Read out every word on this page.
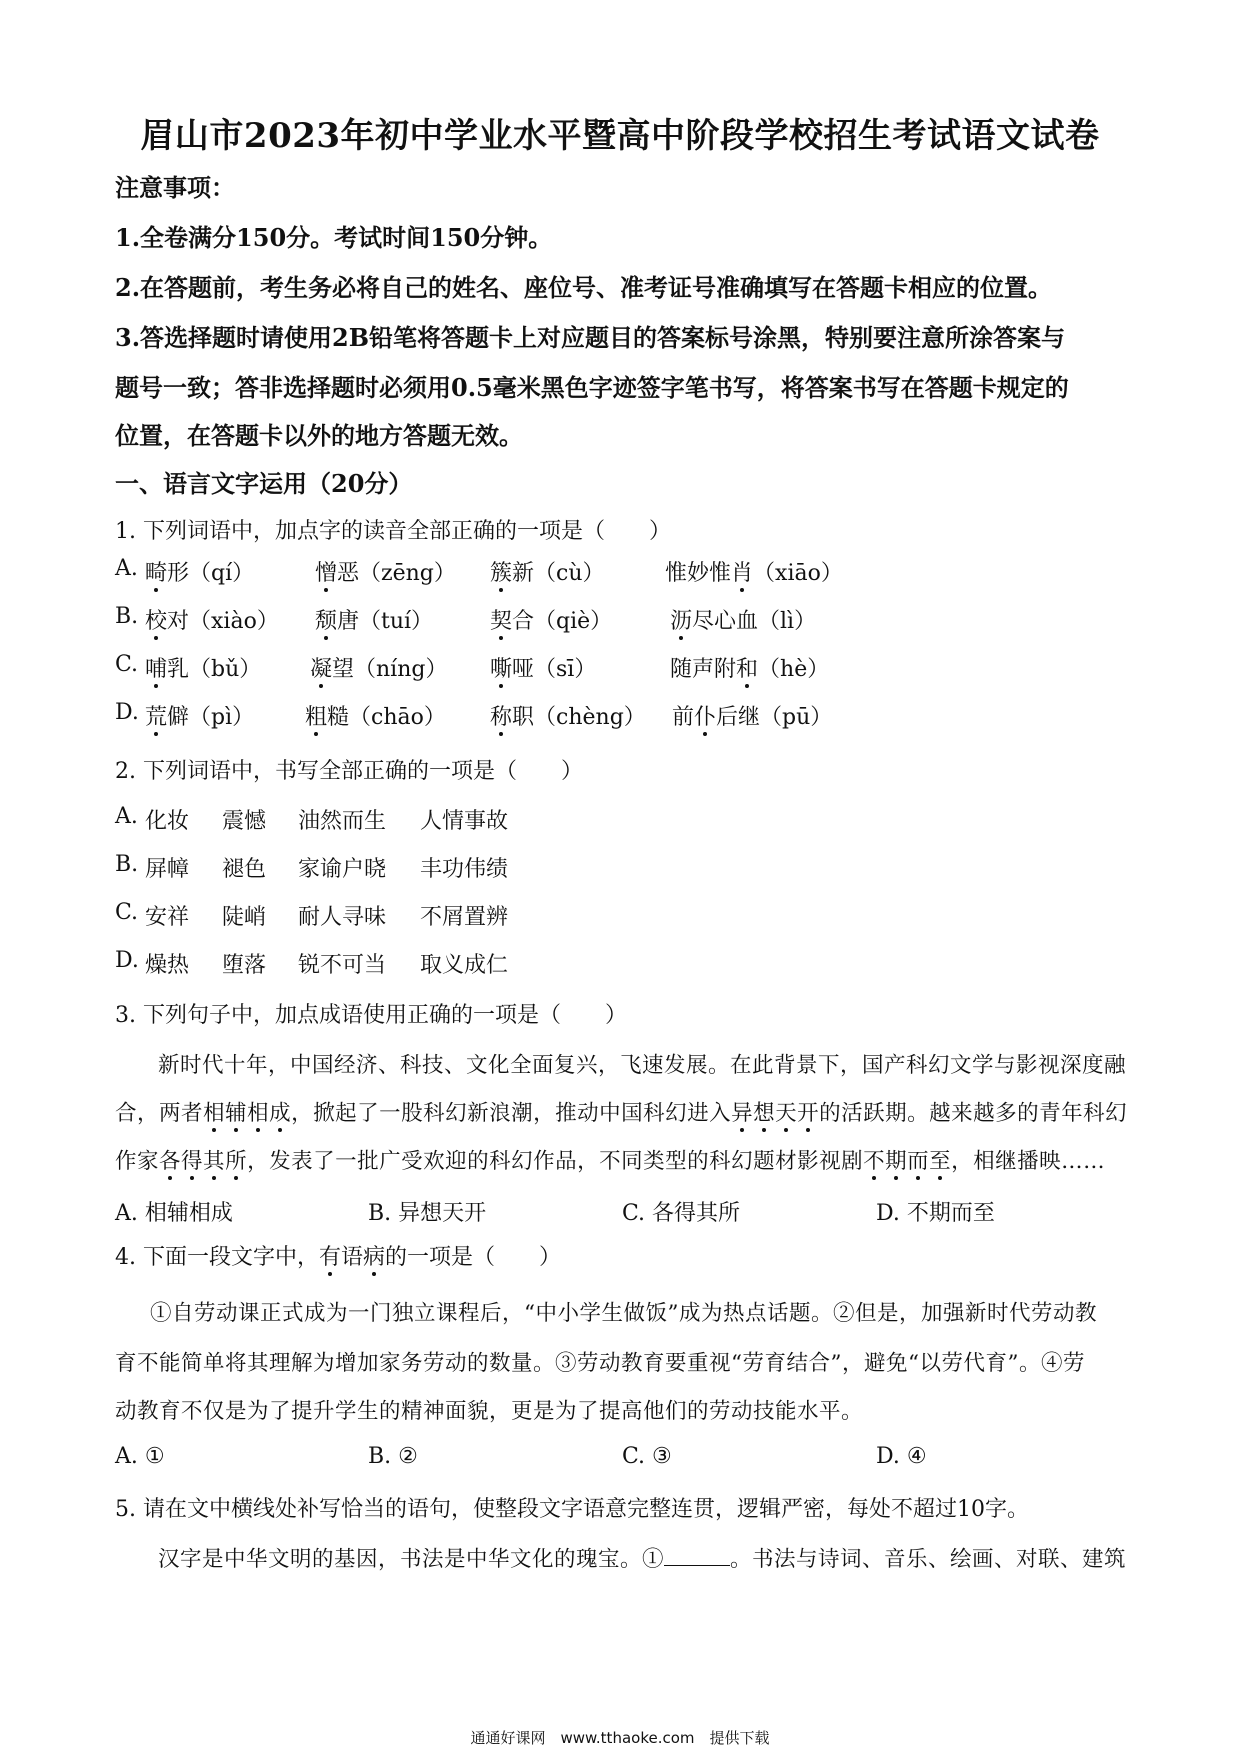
眉山市2023年初中学业水平暨高中阶段学校招生考试语文试卷
注意事项：
1.全卷满分150分。考试时间150分钟。
2.在答题前，考生务必将自己的姓名、座位号、准考证号准确填写在答题卡相应的位置。
3.答选择题时请使用2B铅笔将答题卡上对应题目的答案标号涂黑，特别要注意所涂答案与
题号一致；答非选择题时必须用0.5毫米黑色字迹签字笔书写，将答案书写在答题卡规定的
位置，在答题卡以外的地方答题无效。
一、语言文字运用（20分）
1. 下列词语中，加点字的读音全部正确的一项是（　　）
A. 畸形（qí）	憎恶（zēng） 簇新（cù）	惟妙惟肖（xiāo）
B. 校对（xiào） 颓唐（tuí）	契合（qiè）	沥尽心血（lì）
C. 哺乳（bǔ） 凝望（níng） 嘶哑（sī）	随声附和（hè）
D. 荒僻（pì） 粗糙（chāo） 称职（chèng） 前仆后继（pū）
2. 下列词语中，书写全部正确的一项是（　　）
A. 化妆 震憾 油然而生 人情事故
B. 屏幛 褪色 家谕户晓 丰功伟绩
C. 安祥 陡峭 耐人寻味 不屑置辨
D. 燥热 堕落 锐不可当 取义成仁
3. 下列句子中，加点成语使用正确的一项是（　　）
新时代十年，中国经济、科技、文化全面复兴，飞速发展。在此背景下，国产科幻文学与影视深度融
合，两者相辅相成，掀起了一股科幻新浪潮，推动中国科幻进入异想天开的活跃期。越来越多的青年科幻
作家各得其所，发表了一批广受欢迎的科幻作品，不同类型的科幻题材影视剧不期而至，相继播映……
A. 相辅相成	B. 异想天开	C. 各得其所	D. 不期而至
4. 下面一段文字中，有语病的一项是（　　）
①自劳动课正式成为一门独立课程后，“中小学生做饭”成为热点话题。②但是，加强新时代劳动教
育不能简单将其理解为增加家务劳动的数量。③劳动教育要重视“劳育结合”，避免“以劳代育”。④劳
动教育不仅是为了提升学生的精神面貌，更是为了提高他们的劳动技能水平。
A. ①	B. ②	C. ③	D. ④
5. 请在文中横线处补写恰当的语句，使整段文字语意完整连贯，逻辑严密，每处不超过10字。
汉字是中华文明的基因，书法是中华文化的瑰宝。①	。书法与诗词、音乐、绘画、对联、建筑
通通好课网　www.tthaoke.com　提供下载
